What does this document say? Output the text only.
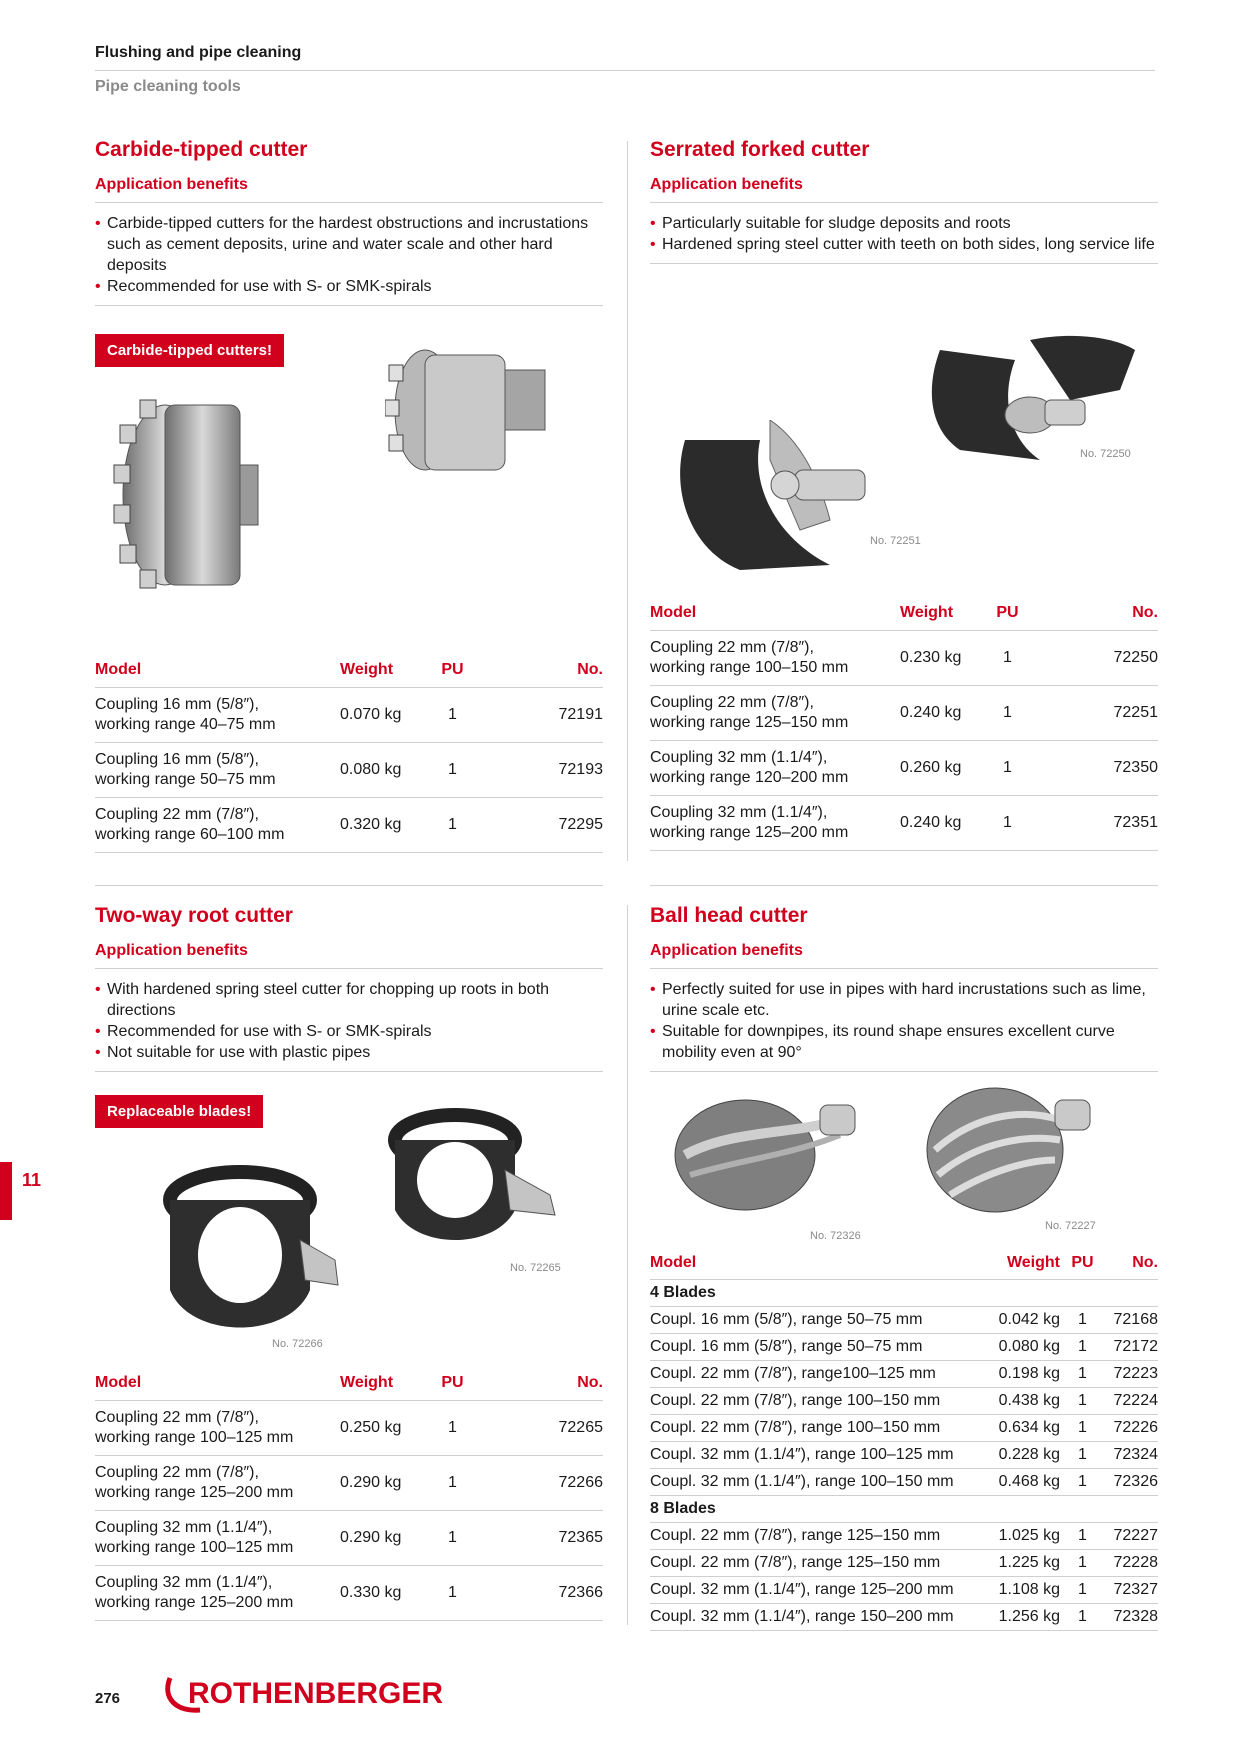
Flushing and pipe cleaning
Pipe cleaning tools
Carbide-tipped cutter
Application benefits
• Carbide-tipped cutters for the hardest obstructions and incrustations such as cement deposits, urine and water scale and other hard deposits
• Recommended for use with S- or SMK-spirals
Carbide-tipped cutters!
Model	Weight	PU	No.
Coupling 16 mm (5/8″),
working range 40–75 mm	0.070 kg	1	72191
Coupling 16 mm (5/8″),
working range 50–75 mm	0.080 kg	1	72193
Coupling 22 mm (7/8″),
working range 60–100 mm	0.320 kg	1	72295
Serrated forked cutter
Application benefits
• Particularly suitable for sludge deposits and roots
• Hardened spring steel cutter with teeth on both sides, long service life
No. 72250
No. 72251
Model	Weight	PU	No.
Coupling 22 mm (7/8″),
working range 100–150 mm	0.230 kg	1	72250
Coupling 22 mm (7/8″),
working range 125–150 mm	0.240 kg	1	72251
Coupling 32 mm (1.1/4″),
working range 120–200 mm	0.260 kg	1	72350
Coupling 32 mm (1.1/4″),
working range 125–200 mm	0.240 kg	1	72351
Two-way root cutter
Application benefits
• With hardened spring steel cutter for chopping up roots in both directions
• Recommended for use with S- or SMK-spirals
• Not suitable for use with plastic pipes
Replaceable blades!
No. 72265
No. 72266
Model	Weight	PU	No.
Coupling 22 mm (7/8″),
working range 100–125 mm	0.250 kg	1	72265
Coupling 22 mm (7/8″),
working range 125–200 mm	0.290 kg	1	72266
Coupling 32 mm (1.1/4″),
working range 100–125 mm	0.290 kg	1	72365
Coupling 32 mm (1.1/4″),
working range 125–200 mm	0.330 kg	1	72366
Ball head cutter
Application benefits
• Perfectly suited for use in pipes with hard incrustations such as lime, urine scale etc.
• Suitable for downpipes, its round shape ensures excellent curve mobility even at 90°
No. 72326
No. 72227
Model	Weight	PU	No.
4 Blades			
Coupl. 16 mm (5/8″), range 50–75 mm	0.042 kg	1	72168
Coupl. 16 mm (5/8″), range 50–75 mm	0.080 kg	1	72172
Coupl. 22 mm (7/8″), range100–125 mm	0.198 kg	1	72223
Coupl. 22 mm (7/8″), range 100–150 mm	0.438 kg	1	72224
Coupl. 22 mm (7/8″), range 100–150 mm	0.634 kg	1	72226
Coupl. 32 mm (1.1/4″), range 100–125 mm	0.228 kg	1	72324
Coupl. 32 mm (1.1/4″), range 100–150 mm	0.468 kg	1	72326
8 Blades			
Coupl. 22 mm (7/8″), range 125–150 mm	1.025 kg	1	72227
Coupl. 22 mm (7/8″), range 125–150 mm	1.225 kg	1	72228
Coupl. 32 mm (1.1/4″), range 125–200 mm	1.108 kg	1	72327
Coupl. 32 mm (1.1/4″), range 150–200 mm	1.256 kg	1	72328
11
276 ROTHENBERGER
